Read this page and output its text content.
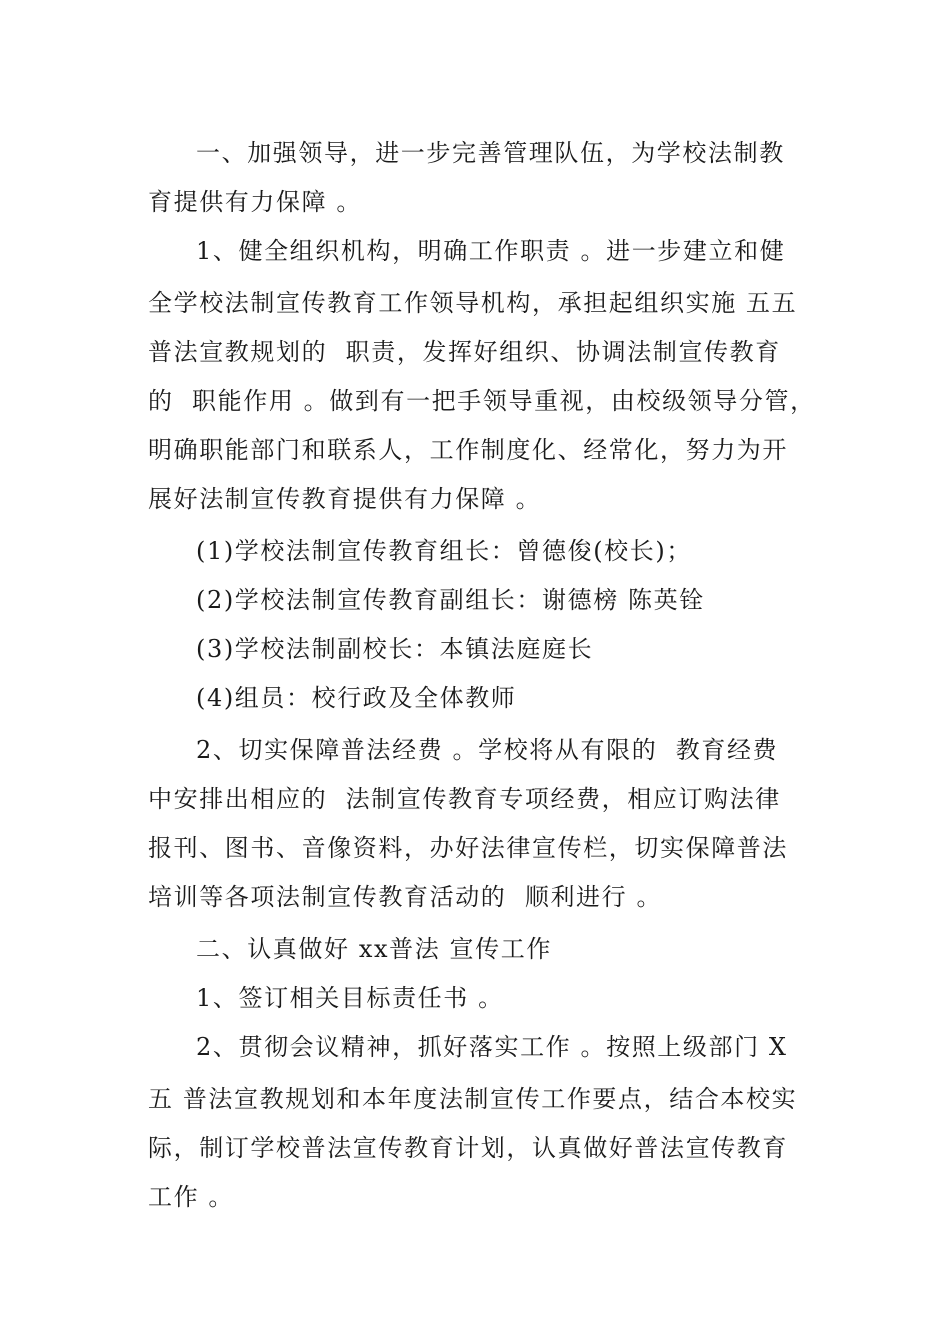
一、加强领导，进一步完善管理队伍，为学校法制教
育提供有力保障 。
1、健全组织机构，明确工作职责 。进一步建立和健
全学校法制宣传教育工作领导机构，承担起组织实施 五五
普法宣教规划的  职责，发挥好组织、协调法制宣传教育
的  职能作用 。做到有一把手领导重视，由校级领导分管，
明确职能部门和联系人，工作制度化、经常化，努力为开
展好法制宣传教育提供有力保障 。
(1)学校法制宣传教育组长：曾德俊(校长)；
(2)学校法制宣传教育副组长：谢德榜 陈英铨
(3)学校法制副校长：本镇法庭庭长
(4)组员：校行政及全体教师
2、切实保障普法经费 。学校将从有限的  教育经费
中安排出相应的  法制宣传教育专项经费，相应订购法律
报刊、图书、音像资料，办好法律宣传栏，切实保障普法
培训等各项法制宣传教育活动的  顺利进行 。
二、认真做好 xx普法 宣传工作
1、签订相关目标责任书 。
2、贯彻会议精神，抓好落实工作 。按照上级部门 X
五 普法宣教规划和本年度法制宣传工作要点，结合本校实
际，制订学校普法宣传教育计划，认真做好普法宣传教育
工作 。
